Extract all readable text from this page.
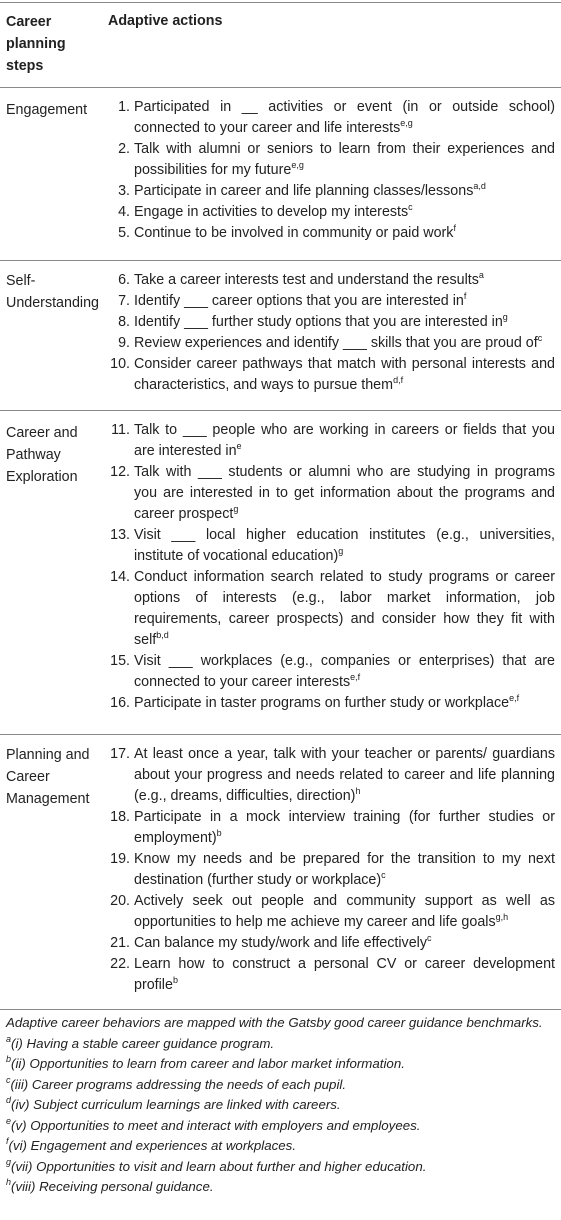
Career planning steps
Adaptive actions
Engagement	1. Participated in __ activities or event (in or outside school) connected to your career and life interests$^{e,g}$
2. Talk with alumni or seniors to learn from their experiences and possibilities for my future$^{e,g}$
3. Participate in career and life planning classes/lessons$^{a,d}$
4. Engage in activities to develop my interests$^c$
5. Continue to be involved in community or paid work$^f$
Self-Understanding
6. Take a career interests test and understand the results$^a$
7. Identify ___ career options that you are interested $in^f$
8. Identify ___ further study options that you are interested $in^g$
9. Review experiences and identify ___ skills that you are proud $of^c$
10. Consider career pathways that match with personal interests and characteristics, and ways to pursue them$^{d,f}$
Career and Pathway Exploration
11. Talk to ___ people who are working in careers or fields that you are interested $in^e$
12. Talk with ___ students or alumni who are studying in programs you are interested in to get information about the programs and career prospect$^g$
13. Visit ___ local higher education institutes (e.g., universities, institute of vocational education)$^g$
14. Conduct information search related to study programs or career options of interests (e.g., labor market information, job requirements, career prospects) and consider how they fit with self$^{b,d}$
15. Visit ___ workplaces (e.g., companies or enterprises) that are connected to your career interests$^{e,f}$
16. Participate in taster programs on further study or workplace$^{e,f}$
Planning and Career Management
17. At least once a year, talk with your teacher or parents/ guardians about your progress and needs related to career and life planning (e.g., dreams, difficulties, direction)$^h$
18. Participate in a mock interview training (for further studies or employment)$^b$
19. Know my needs and be prepared for the transition to my next destination (further study or workplace)$^c$
20. Actively seek out people and community support as well as opportunities to help me achieve my career and life goals$^{g,h}$
21. Can balance my study/work and life effectively$^c$
22. Learn how to construct a personal CV or career development profile$^b$
Adaptive career behaviors are mapped with the Gatsby good career guidance benchmarks.
$^a$(i) Having a stable career guidance program.
$^b$(ii) Opportunities to learn from career and labor market information.
$^c$(iii) Career programs addressing the needs of each pupil.
$^d$(iv) Subject curriculum learnings are linked with careers.
$^e$(v) Opportunities to meet and interact with employers and employees.
$^f$(vi) Engagement and experiences at workplaces.
$^g$(vii) Opportunities to visit and learn about further and higher education.
$^h$(viii) Receiving personal guidance.
